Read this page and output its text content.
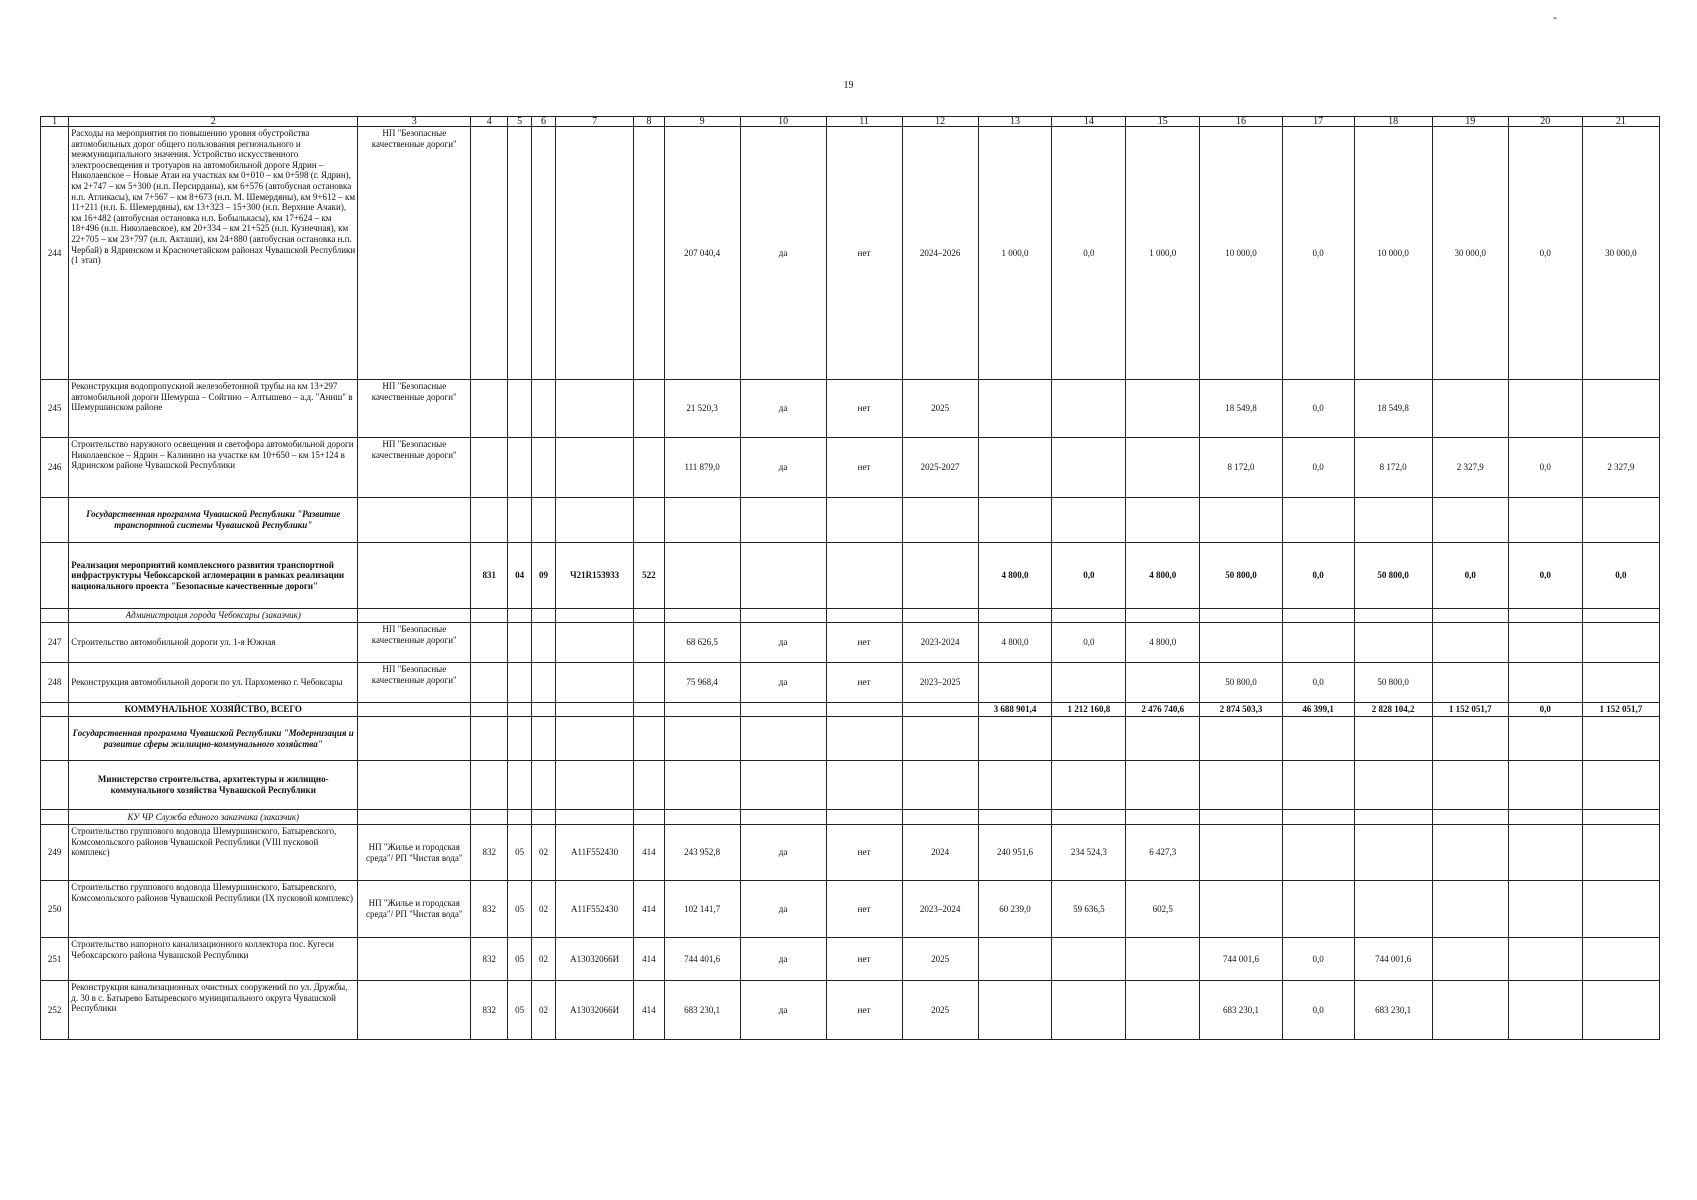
-
19
1	2	3	4	5	6	7	8	9	10	11	12	13	14	15	16	17	18	19	20	21
244	Расходы на мероприятия по повышению уровня обустройства автомобильных дорог общего пользования регионального и межмуниципального значения. Устройство искусственного электроосвещения и тротуаров на автомобильной дороге Ядрин – Николаевское – Новые Атаи на участках км 0+010 – км 0+598 (г. Ядрин), км 2+747 – км 5+300 (н.п. Персирданы), км 6+576 (автобусная остановка н.п. Атликасы), км 7+567 – км 8+673 (н.п. М. Шемердяны), км 9+612 – км 11+211 (н.п. Б. Шемердяны), км 13+323 – 15+300 (н.п. Верхние Ачаки), км 16+482 (автобусная остановка н.п. Бобылькасы), км 17+624 – км 18+496 (н.п. Николаевское), км 20+334 – км 21+525 (н.п. Кузнечная), км 22+705 – км 23+797 (н.п. Акташи), км 24+880 (автобусная остановка н.п. Чербай) в Ядринском и Красночетайском районах Чувашской Республики (1 этап)	НП "Безопасные качественные дороги"						207 040,4	да	нет	2024–2026	1 000,0	0,0	1 000,0	10 000,0	0,0	10 000,0	30 000,0	0,0	30 000,0
245	Реконструкция водопропускной железобетонной трубы на км 13+297 автомобильной дороги Шемурша – Сойгино – Алтышево – а.д. "Аниш" в Шемуршинском районе	НП "Безопасные качественные дороги"						21 520,3	да	нет	2025				18 549,8	0,0	18 549,8			
246	Строительство наружного освещения и светофора автомобильной дороги Николаевское – Ядрин – Калинино на участке км 10+650 – км 15+124 в Ядринском районе Чувашской Республики	НП "Безопасные качественные дороги"						111 879,0	да	нет	2025-2027				8 172,0	0,0	8 172,0	2 327,9	0,0	2 327,9
	Государственная программа Чувашской Республики "Развитие транспортной системы Чувашской Республики"																			
	Реализация мероприятий комплексного развития транспортной инфраструктуры Чебоксарской агломерации в рамках реализации национального проекта "Безопасные качественные дороги"		831	04	09	Ч21R153933	522					4 800,0	0,0	4 800,0	50 800,0	0,0	50 800,0	0,0	0,0	0,0
	Администрация города Чебоксары (заказчик)																			
247	Строительство автомобильной дороги ул. 1-я Южная	НП "Безопасные качественные дороги"						68 626,5	да	нет	2023-2024	4 800,0	0,0	4 800,0						
248	Реконструкция автомобильной дороги по ул. Пархоменко г. Чебоксары	НП "Безопасные качественные дороги"						75 968,4	да	нет	2023–2025				50 800,0	0,0	50 800,0			
	КОММУНАЛЬНОЕ ХОЗЯЙСТВО, ВСЕГО											3 688 901,4	1 212 160,8	2 476 740,6	2 874 503,3	46 399,1	2 828 104,2	1 152 051,7	0,0	1 152 051,7
	Государственная программа Чувашской Республики "Модернизация и развитие сферы жилищно-коммунального хозяйства"																			
	Министерство строительства, архитектуры и жилищно-коммунального хозяйства Чувашской Республики																			
	КУ ЧР Служба единого заказчика (заказчик)																			
249	Строительство группового водовода Шемуршинского, Батыревского, Комсомольского районов Чувашской Республики (VIII пусковой комплекс)	НП "Жилье и городская среда"/ РП "Чистая вода"	832	05	02	А11F552430	414	243 952,8	да	нет	2024	240 951,6	234 524,3	6 427,3						
250	Строительство группового водовода Шемуршинского, Батыревского, Комсомольского районов Чувашской Республики (IX пусковой комплекс)	НП "Жилье и городская среда"/ РП "Чистая вода"	832	05	02	А11F552430	414	102 141,7	да	нет	2023–2024	60 239,0	59 636,5	602,5						
251	Строительство напорного канализационного коллектора пос. Кугеси Чебоксарского района Чувашской Республики		832	05	02	А13032066И	414	744 401,6	да	нет	2025				744 001,6	0,0	744 001,6			
252	Реконструкция канализационных очистных сооружений по ул. Дружбы, д. 30 в с. Батырево Батыревского муниципального округа Чувашской Республики		832	05	02	А13032066И	414	683 230,1	да	нет	2025				683 230,1	0,0	683 230,1			
